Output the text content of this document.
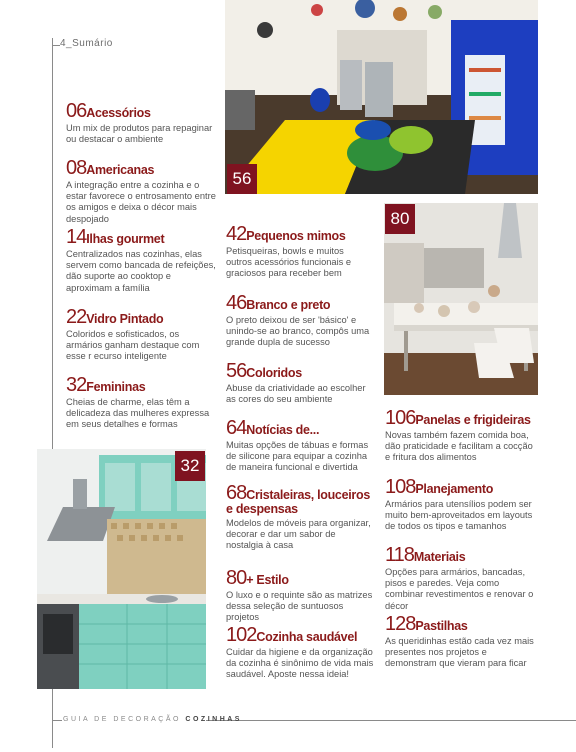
4_Sumário
GUIA DE DECORAÇÃO COZINHAS
56
80
32
06Acessórios
Um mix de produtos para repaginar ou destacar o ambiente
08Americanas
A integração entre a cozinha e o estar favorece o entrosamento entre os amigos e deixa o décor mais despojado
14Ilhas gourmet
Centralizados nas cozinhas, elas servem como bancada de refeições, dão suporte ao cooktop e aproximam a família
22Vidro Pintado
Coloridos e sofisticados, os armários ganham destaque com esse r ecurso inteligente
32Femininas
Cheias de charme, elas têm a delicadeza das mulheres expressa em seus detalhes e formas
42Pequenos mimos
Petisqueiras, bowls e muitos outros acessórios funcionais e graciosos para receber bem
46Branco e preto
O preto deixou de ser 'básico' e unindo-se ao branco, compôs uma grande dupla de sucesso
56Coloridos
Abuse da criatividade ao escolher as cores do seu ambiente
64Notícias de...
Muitas opções de tábuas e formas de silicone para equipar a cozinha de maneira funcional e divertida
68Cristaleiras, louceiros e despensas
Modelos de móveis para organizar, decorar e dar um sabor de nostalgia à casa
80+ Estilo
O luxo e o requinte são as matrizes dessa seleção de suntuosos projetos
102Cozinha saudável
Cuidar da higiene e da organização da cozinha é sinônimo de vida mais saudável. Aposte nessa ideia!
106Panelas e frigideiras
Novas também fazem comida boa, dão praticidade e facilitam a cocção e fritura dos alimentos
108Planejamento
Armários para utensílios podem ser muito bem-aproveitados em layouts de todos os tipos e tamanhos
118Materiais
Opções para armários, bancadas, pisos e paredes. Veja como combinar revestimentos e renovar o décor
128Pastilhas
As queridinhas estão cada vez mais presentes nos projetos e demonstram que vieram para ficar
